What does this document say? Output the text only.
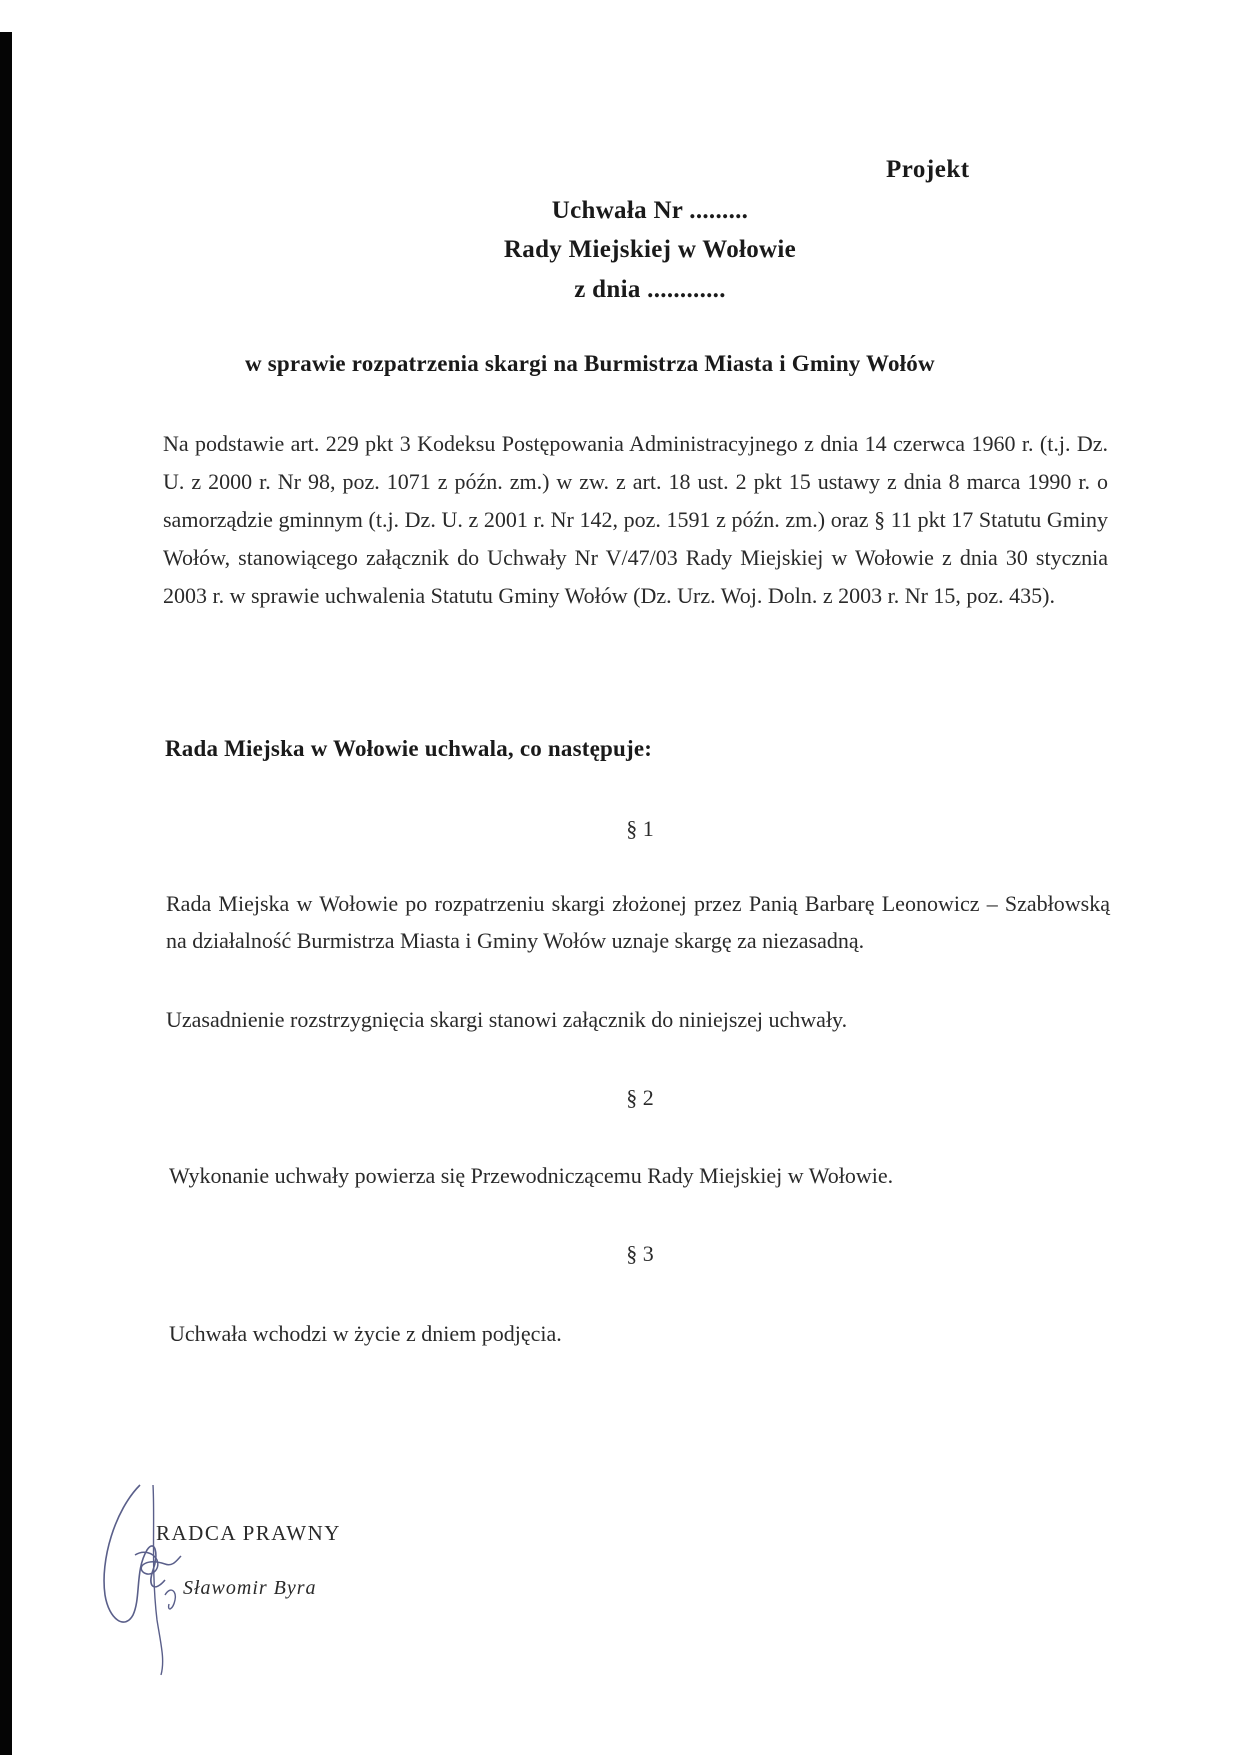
Projekt
Uchwała Nr .........
Rady Miejskiej w Wołowie
z dnia ............
w sprawie rozpatrzenia skargi na Burmistrza Miasta i Gminy Wołów
Na podstawie art. 229 pkt 3 Kodeksu Postępowania Administracyjnego z dnia 14 czerwca 1960 r. (t.j. Dz. U. z 2000 r. Nr 98, poz. 1071 z późn. zm.) w zw. z art. 18 ust. 2 pkt 15 ustawy z dnia 8 marca 1990 r. o samorządzie gminnym (t.j. Dz. U. z 2001 r. Nr 142, poz. 1591 z późn. zm.) oraz § 11 pkt 17 Statutu Gminy Wołów, stanowiącego załącznik do Uchwały Nr V/47/03 Rady Miejskiej w Wołowie z dnia 30 stycznia 2003 r. w sprawie uchwalenia Statutu Gminy Wołów (Dz. Urz. Woj. Doln. z 2003 r. Nr 15, poz. 435).
Rada Miejska w Wołowie uchwala, co następuje:
§ 1
Rada Miejska w Wołowie po rozpatrzeniu skargi złożonej przez Panią Barbarę Leonowicz – Szabłowską na działalność Burmistrza Miasta i Gminy Wołów uznaje skargę za niezasadną.
Uzasadnienie rozstrzygnięcia skargi stanowi załącznik do niniejszej uchwały.
§ 2
Wykonanie uchwały powierza się Przewodniczącemu Rady Miejskiej w Wołowie.
§ 3
Uchwała wchodzi w życie z dniem podjęcia.
RADCA PRAWNY
Sławomir Byra
